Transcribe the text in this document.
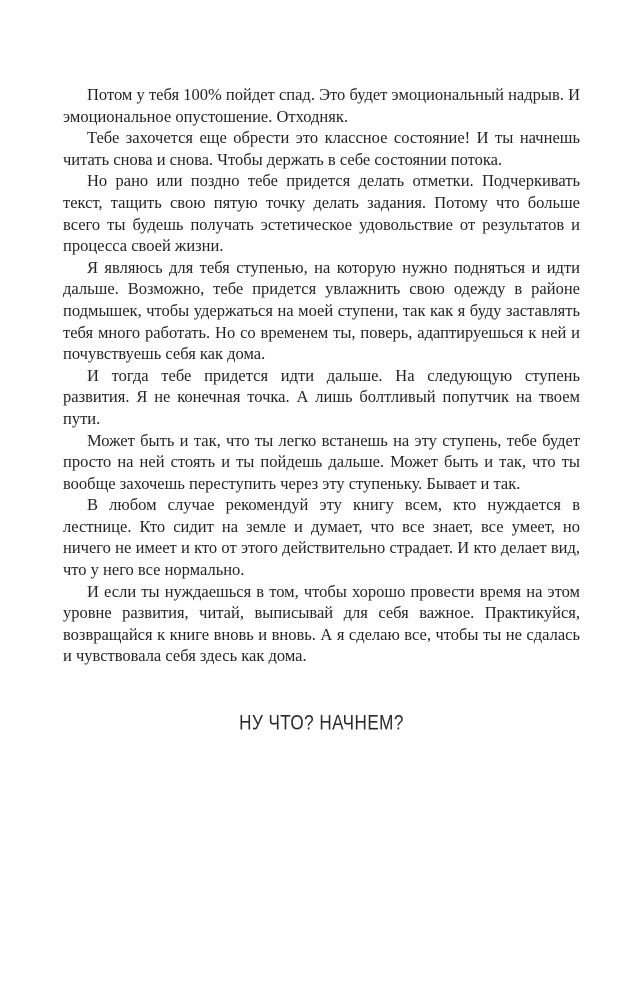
Потом у тебя 100% пойдет спад. Это будет эмоциональный надрыв. И эмоциональное опустошение. Отходняк.

Тебе захочется еще обрести это классное состояние! И ты начнешь читать снова и снова. Чтобы держать в себе состоянии потока.

Но рано или поздно тебе придется делать отметки. Подчеркивать текст, тащить свою пятую точку делать задания. Потому что больше всего ты будешь получать эстетическое удовольствие от результатов и процесса своей жизни.

Я являюсь для тебя ступенью, на которую нужно подняться и идти дальше. Возможно, тебе придется увлажнить свою одежду в районе подмышек, чтобы удержаться на моей ступени, так как я буду заставлять тебя много работать. Но со временем ты, поверь, адаптируешься к ней и почувствуешь себя как дома.

И тогда тебе придется идти дальше. На следующую ступень развития. Я не конечная точка. А лишь болтливый попутчик на твоем пути.

Может быть и так, что ты легко встанешь на эту ступень, тебе будет просто на ней стоять и ты пойдешь дальше. Может быть и так, что ты вообще захочешь переступить через эту ступеньку. Бывает и так.

В любом случае рекомендуй эту книгу всем, кто нуждается в лестнице. Кто сидит на земле и думает, что все знает, все умеет, но ничего не имеет и кто от этого действительно страдает. И кто делает вид, что у него все нормально.

И если ты нуждаешься в том, чтобы хорошо провести время на этом уровне развития, читай, выписывай для себя важное. Практикуйся, возвращайся к книге вновь и вновь. А я сделаю все, чтобы ты не сдалась и чувствовала себя здесь как дома.

НУ ЧТО? НАЧНЕМ?
